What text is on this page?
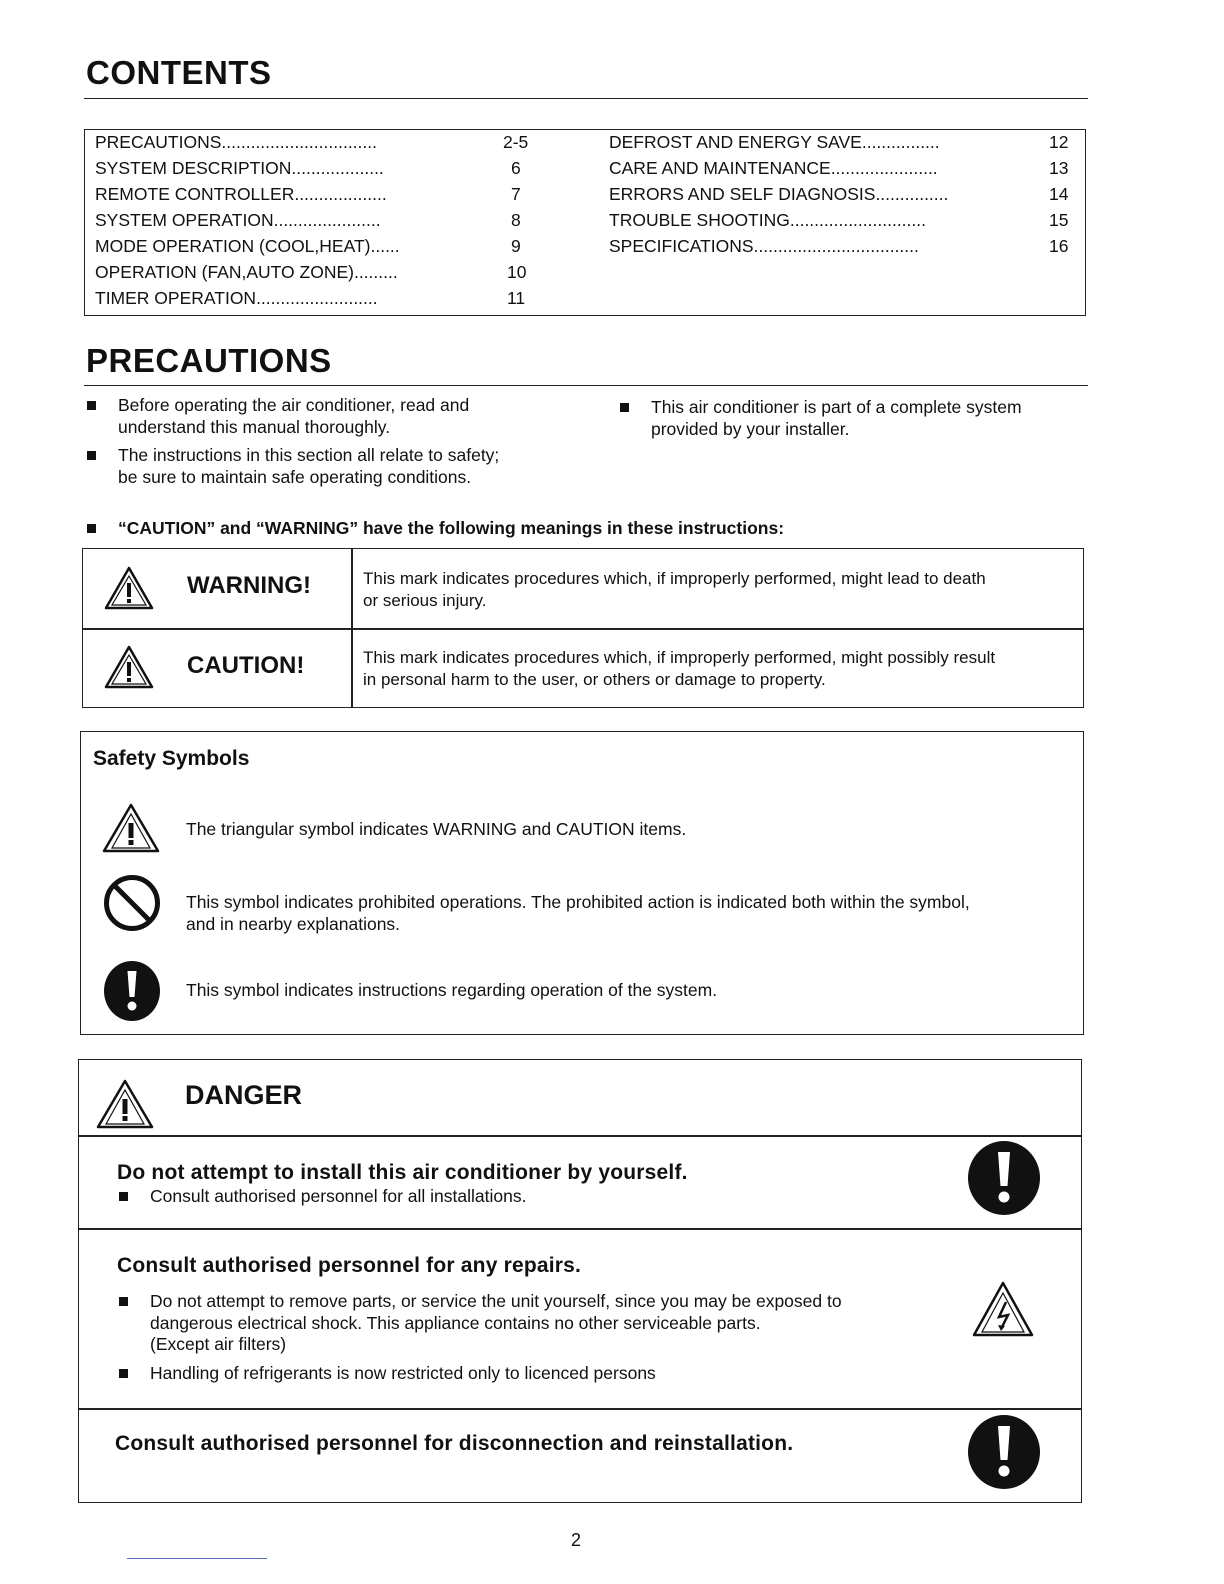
CONTENTS
PRECAUTIONS................................	2-5
SYSTEM DESCRIPTION...................	6
REMOTE CONTROLLER...................	7
SYSTEM OPERATION......................	8
MODE OPERATION (COOL,HEAT)......	9
OPERATION (FAN,AUTO ZONE).........	10
TIMER OPERATION.........................	11
DEFROST AND ENERGY SAVE................	12
CARE AND MAINTENANCE......................	13
ERRORS AND SELF DIAGNOSIS...............	14
TROUBLE SHOOTING............................	15
SPECIFICATIONS..................................	16
PRECAUTIONS
Before operating the air conditioner, read and
understand this manual thoroughly.
The instructions in this section all relate to safety;
be sure to maintain safe operating conditions.
This air conditioner is part of a complete system
provided by your installer.
“CAUTION” and “WARNING” have the following meanings in these instructions:
WARNING!	This mark indicates procedures which, if improperly performed, might lead to death
or serious injury.
CAUTION!	This mark indicates procedures which, if improperly performed, might possibly result
in personal harm to the user, or others or damage to property.
Safety Symbols
The triangular symbol indicates WARNING and CAUTION items.
This symbol indicates prohibited operations. The prohibited action is indicated both within the symbol,
and in nearby explanations.
This symbol indicates instructions regarding operation of the system.
DANGER
Do not attempt to install this air conditioner by yourself.
Consult authorised personnel for all installations.
Consult authorised personnel for any repairs.
Do not attempt to remove parts, or service the unit yourself, since you may be exposed to
dangerous electrical shock. This appliance contains no other serviceable parts.
(Except air filters)
Handling of refrigerants is now restricted only to licenced persons
Consult authorised personnel for disconnection and reinstallation.
2
